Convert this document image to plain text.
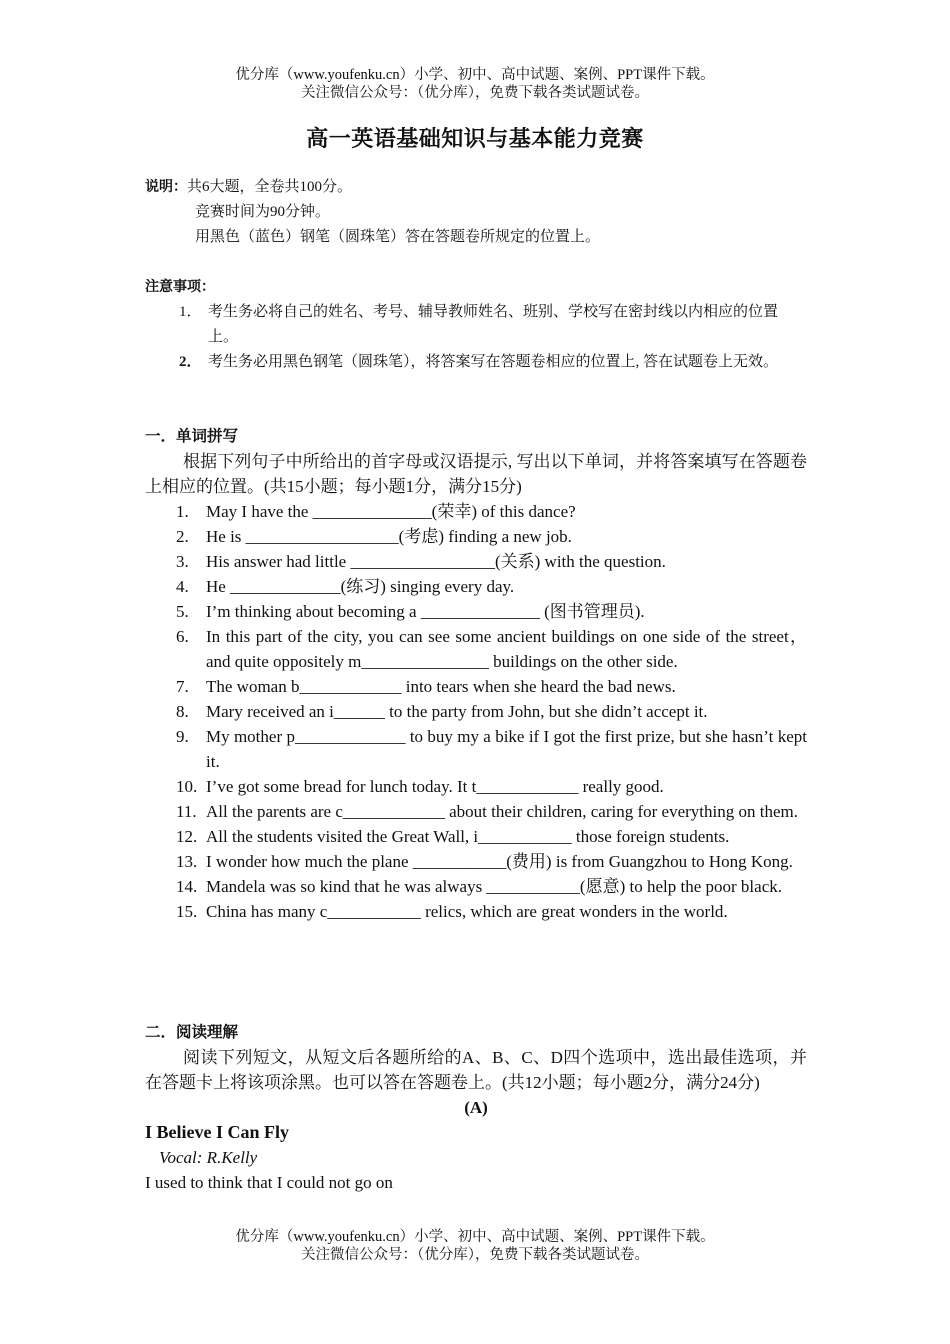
优分库（www.youfenku.cn）小学、初中、高中试题、案例、PPT课件下载。
关注微信公众号：（优分库），免费下载各类试题试卷。
高一英语基础知识与基本能力竞赛
说明：共6大题，全卷共100分。
竞赛时间为90分钟。
用黑色（蓝色）钢笔（圆珠笔）答在答题卷所规定的位置上。
注意事项：
1． 考生务必将自己的姓名、考号、辅导教师姓名、班别、学校写在密封线以内相应的位置上。
2． 考生务必用黑色钢笔（圆珠笔），将答案写在答题卷相应的位置上, 答在试题卷上无效。
一．单词拼写
根据下列句子中所给出的首字母或汉语提示, 写出以下单词，并将答案填写在答题卷上相应的位置。(共15小题；每小题1分，满分15分)
1. May I have the ______________(荣幸) of this dance?
2. He is __________________(考虑) finding a new job.
3. His answer had little _________________(关系) with the question.
4. He _____________(练习) singing every day.
5. I’m thinking about becoming a ______________ (图书管理员).
6. In this part of the city, you can see some ancient buildings on one side of the street，and quite oppositely m_______________ buildings on the other side.
7. The woman b____________ into tears when she heard the bad news.
8. Mary received an i______ to the party from John, but she didn’t accept it.
9. My mother p_____________ to buy my a bike if I got the first prize, but she hasn’t kept it.
10. I’ve got some bread for lunch today. It t____________ really good.
11. All the parents are c____________ about their children, caring for everything on them.
12. All the students visited the Great Wall, i___________ those foreign students.
13. I wonder how much the plane ___________(费用) is from Guangzhou to Hong Kong.
14. Mandela was so kind that he was always ___________(愿意) to help the poor black.
15. China has many c___________ relics, which are great wonders in the world.
二．阅读理解
阅读下列短文，从短文后各题所给的A、B、C、D四个选项中，选出最佳选项，并在答题卡上将该项涂黑。也可以答在答题卷上。(共12小题；每小题2分，满分24分)
(A)
I Believe I Can Fly
Vocal: R.Kelly
I used to think that I could not go on
优分库（www.youfenku.cn）小学、初中、高中试题、案例、PPT课件下载。
关注微信公众号：（优分库），免费下载各类试题试卷。
